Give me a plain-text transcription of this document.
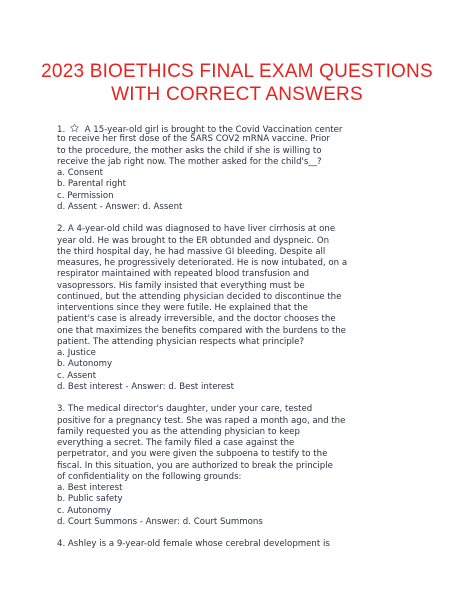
2023 BIOETHICS FINAL EXAM QUESTIONS
WITH CORRECT ANSWERS
1. A 15-year-old girl is brought to the Covid Vaccination center
to receive her first dose of the SARS COV2 mRNA vaccine. Prior
to the procedure, the mother asks the child if she is willing to
receive the jab right now. The mother asked for the child's__?
a. Consent
b. Parental right
c. Permission
d. Assent - Answer: d. Assent
2. A 4-year-old child was diagnosed to have liver cirrhosis at one
year old. He was brought to the ER obtunded and dyspneic. On
the third hospital day, he had massive GI bleeding. Despite all
measures, he progressively deteriorated. He is now intubated, on a
respirator maintained with repeated blood transfusion and
vasopressors. His family insisted that everything must be
continued, but the attending physician decided to discontinue the
interventions since they were futile. He explained that the
patient's case is already irreversible, and the doctor chooses the
one that maximizes the benefits compared with the burdens to the
patient. The attending physician respects what principle?
a. Justice
b. Autonomy
c. Assent
d. Best interest - Answer: d. Best interest
3. The medical director's daughter, under your care, tested
positive for a pregnancy test. She was raped a month ago, and the
family requested you as the attending physician to keep
everything a secret. The family filed a case against the
perpetrator, and you were given the subpoena to testify to the
fiscal. In this situation, you are authorized to break the principle
of confidentiality on the following grounds:
a. Best interest
b. Public safety
c. Autonomy
d. Court Summons - Answer: d. Court Summons
4. Ashley is a 9-year-old female whose cerebral development is
